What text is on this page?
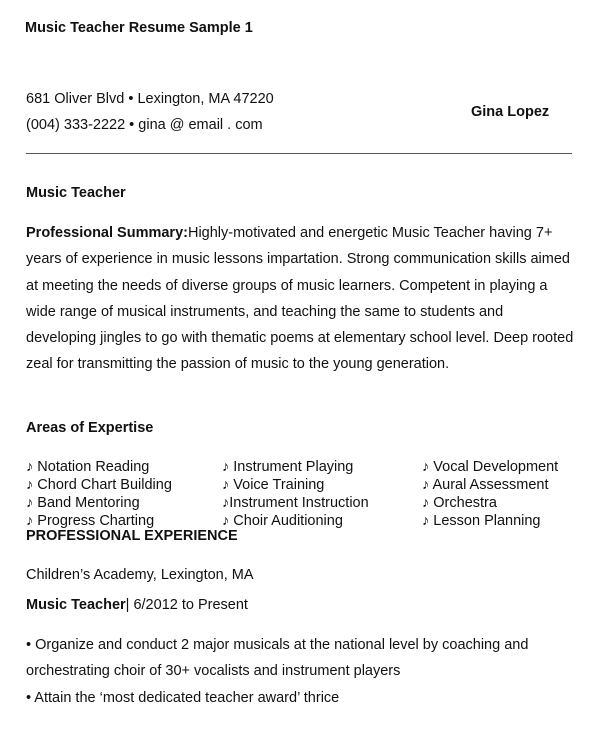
Music Teacher Resume Sample 1
681 Oliver Blvd • Lexington, MA 47220
(004) 333-2222 • gina @ email . com
Gina Lopez
Music Teacher
Professional Summary:Highly-motivated and energetic Music Teacher having 7+ years of experience in music lessons impartation. Strong communication skills aimed at meeting the needs of diverse groups of music learners. Competent in playing a wide range of musical instruments, and teaching the same to students and developing jingles to go with thematic poems at elementary school level. Deep rooted zeal for transmitting the passion of music to the young generation.
Areas of Expertise
♪ Notation Reading
♪ Chord Chart Building
♪ Band Mentoring
♪ Progress Charting
♪ Instrument Playing
♪ Voice Training
♪Instrument Instruction
♪ Choir Auditioning
♪ Vocal Development
♪ Aural Assessment
♪ Orchestra
♪ Lesson Planning
PROFESSIONAL EXPERIENCE
Children’s Academy, Lexington, MA
Music Teacher| 6/2012 to Present
• Organize and conduct 2 major musicals at the national level by coaching and orchestrating choir of 30+ vocalists and instrument players
• Attain the ‘most dedicated teacher award’ thrice
